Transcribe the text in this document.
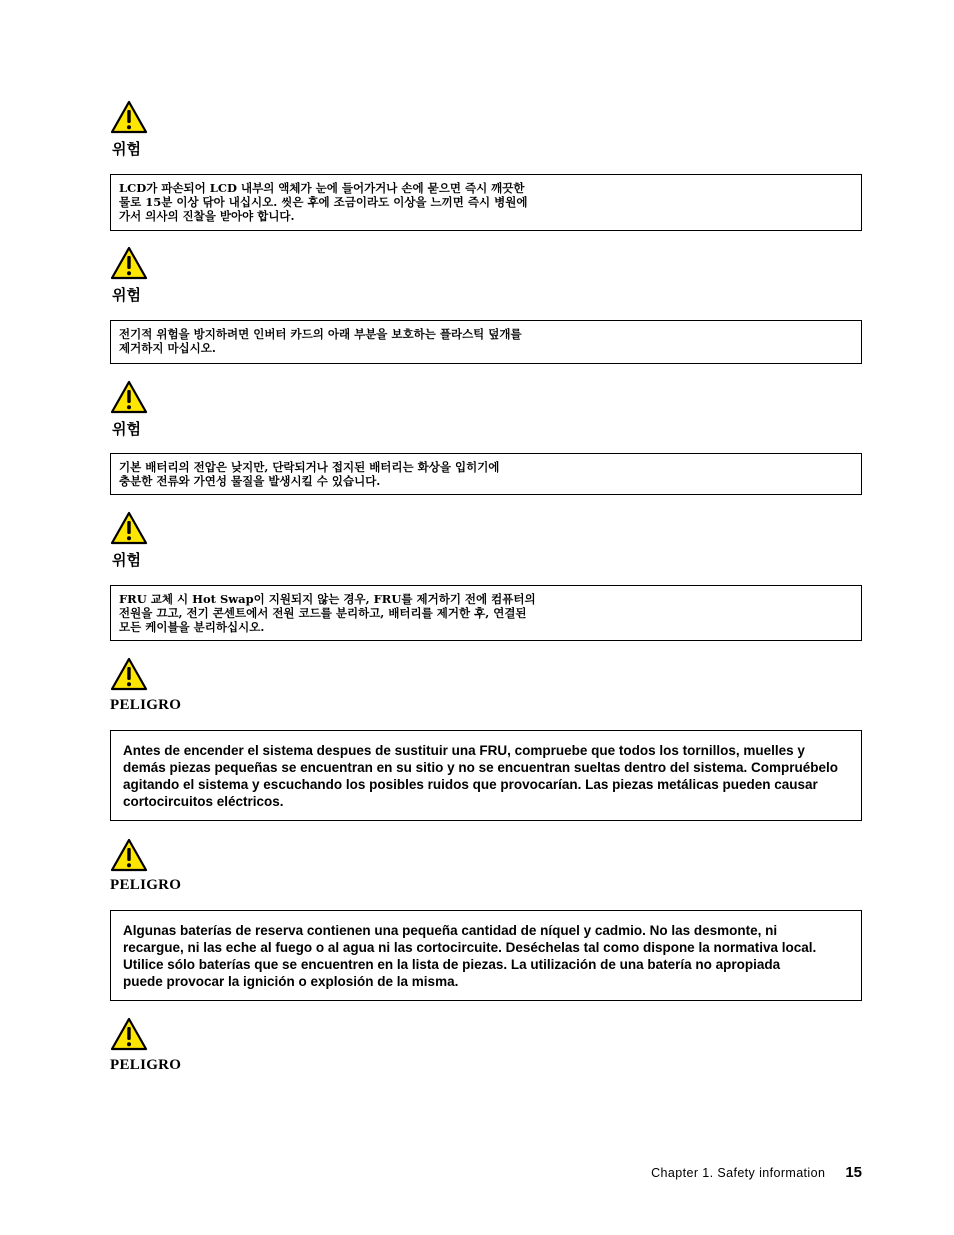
위험
LCD가 파손되어 LCD 내부의 액체가 눈에 들어가거나 손에 묻으면 즉시 깨끗한
물로 15분 이상 닦아 내십시오. 씻은 후에 조금이라도 이상을 느끼면 즉시 병원에
가서 의사의 진찰을 받아야 합니다.
위험
전기적 위험을 방지하려면 인버터 카드의 아래 부분을 보호하는 플라스틱 덮개를
제거하지 마십시오.
위험
기본 배터리의 전압은 낮지만, 단락되거나 접지된 배터리는 화상을 입히기에
충분한 전류와 가연성 물질을 발생시킬 수 있습니다.
위험
FRU 교체 시 Hot Swap이 지원되지 않는 경우, FRU를 제거하기 전에 컴퓨터의
전원을 끄고, 전기 콘센트에서 전원 코드를 분리하고, 배터리를 제거한 후, 연결된
모든 케이블을 분리하십시오.
PELIGRO
Antes de encender el sistema despues de sustituir una FRU, compruebe que todos los tornillos, muelles y
demás piezas pequeñas se encuentran en su sitio y no se encuentran sueltas dentro del sistema. Compruébelo
agitando el sistema y escuchando los posibles ruidos que provocarían. Las piezas metálicas pueden causar
cortocircuitos eléctricos.
PELIGRO
Algunas baterías de reserva contienen una pequeña cantidad de níquel y cadmio. No las desmonte, ni
recargue, ni las eche al fuego o al agua ni las cortocircuite. Deséchelas tal como dispone la normativa local.
Utilice sólo baterías que se encuentren en la lista de piezas. La utilización de una batería no apropiada
puede provocar la ignición o explosión de la misma.
PELIGRO
Chapter 1. Safety information 15
